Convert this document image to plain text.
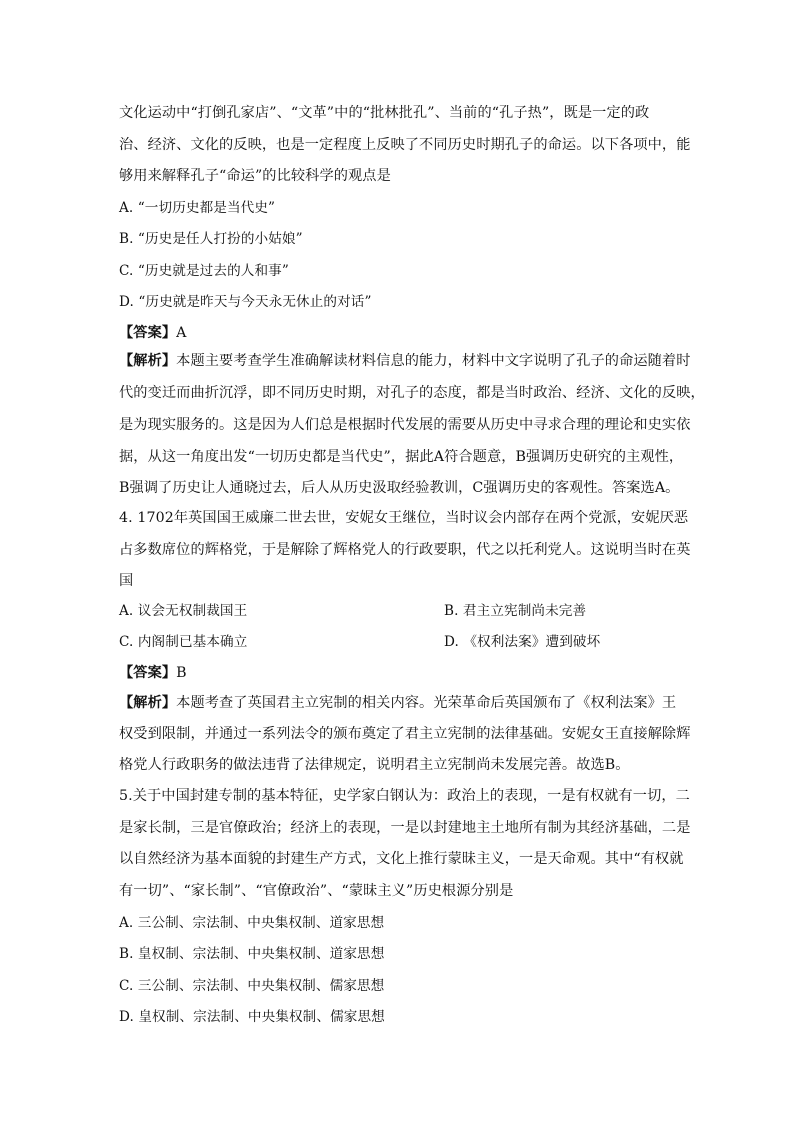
文化运动中“打倒孔家店”、“文革”中的“批林批孔”、当前的“孔子热”，既是一定的政
治、经济、文化的反映，也是一定程度上反映了不同历史时期孔子的命运。以下各项中，能
够用来解释孔子“命运”的比较科学的观点是
A. “一切历史都是当代史”
B. “历史是任人打扮的小姑娘”
C. “历史就是过去的人和事”
D. “历史就是昨天与今天永无休止的对话”
【答案】A
【解析】本题主要考查学生准确解读材料信息的能力，材料中文字说明了孔子的命运随着时
代的变迁而曲折沉浮，即不同历史时期，对孔子的态度，都是当时政治、经济、文化的反映，
是为现实服务的。这是因为人们总是根据时代发展的需要从历史中寻求合理的理论和史实依
据，从这一角度出发“一切历史都是当代史”，据此A符合题意，B强调历史研究的主观性，
B强调了历史让人通晓过去，后人从历史汲取经验教训，C强调历史的客观性。答案选A。
4. 1702年英国国王威廉二世去世，安妮女王继位，当时议会内部存在两个党派，安妮厌恶
占多数席位的辉格党，于是解除了辉格党人的行政要职，代之以托利党人。这说明当时在英
国
A. 议会无权制裁国王	B. 君主立宪制尚未完善
C. 内阁制已基本确立	D. 《权利法案》遭到破坏
【答案】B
【解析】本题考查了英国君主立宪制的相关内容。光荣革命后英国颁布了《权利法案》王
权受到限制，并通过一系列法令的颁布奠定了君主立宪制的法律基础。安妮女王直接解除辉
格党人行政职务的做法违背了法律规定，说明君主立宪制尚未发展完善。故选B。
5.关于中国封建专制的基本特征，史学家白钢认为：政治上的表现，一是有权就有一切，二
是家长制，三是官僚政治；经济上的表现，一是以封建地主土地所有制为其经济基础，二是
以自然经济为基本面貌的封建生产方式，文化上推行蒙昧主义，一是天命观。其中“有权就
有一切”、“家长制”、“官僚政治”、“蒙昧主义”历史根源分别是
A. 三公制、宗法制、中央集权制、道家思想
B. 皇权制、宗法制、中央集权制、道家思想
C. 三公制、宗法制、中央集权制、儒家思想
D. 皇权制、宗法制、中央集权制、儒家思想
